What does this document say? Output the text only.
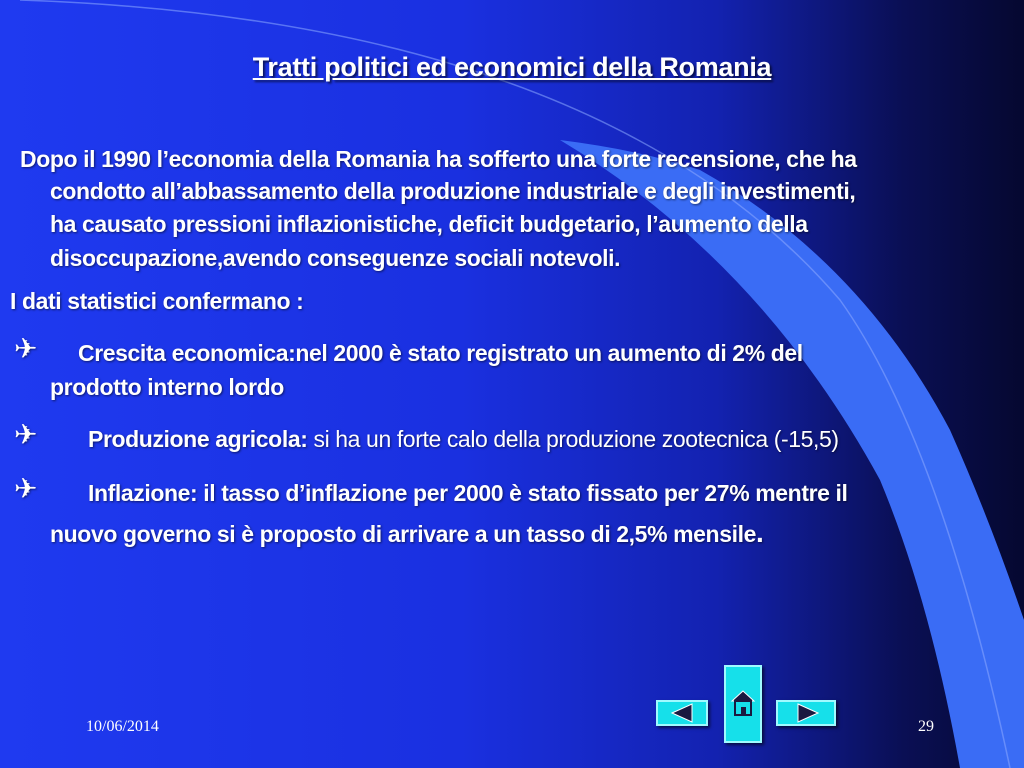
Tratti politici ed economici della Romania
Dopo il 1990 l’economia della Romania ha sofferto una forte recensione, che ha
condotto all’abbassamento della produzione industriale e degli investimenti,
ha causato pressioni inflazionistiche, deficit budgetario, l’aumento della
disoccupazione,avendo conseguenze sociali notevoli.
I dati statistici confermano :
✈ Crescita economica:nel 2000 è stato registrato un aumento di 2% del
prodotto interno lordo
✈ Produzione agricola: si ha un forte calo della produzione zootecnica (-15,5)
✈ Inflazione: il tasso d’inflazione per 2000 è stato fissato per 27% mentre il
nuovo governo si è proposto di arrivare a un tasso di 2,5% mensile.
10/06/2014	29
